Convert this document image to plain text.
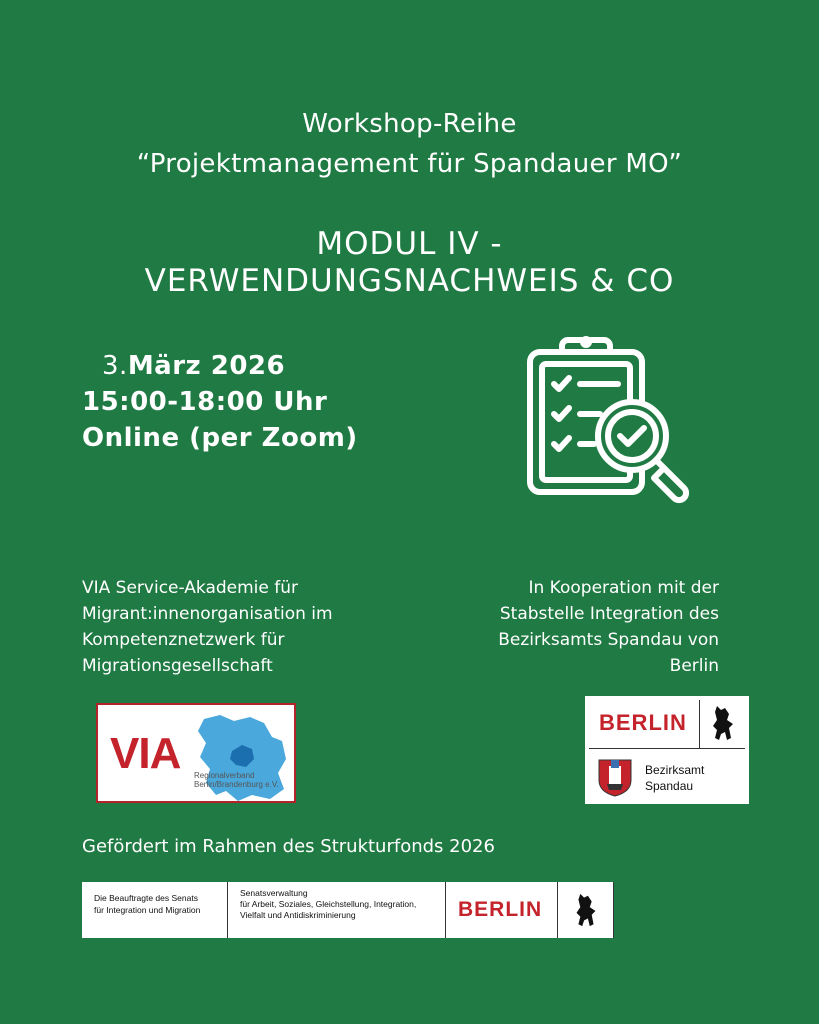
Workshop-Reihe
“Projektmanagement für Spandauer MO”
MODUL IV -
VERWENDUNGSNACHWEIS & CO
3.März 2026
15:00-18:00 Uhr
Online (per Zoom)
VIA Service-Akademie für
Migrant:innenorganisation im
Kompetenznetzwerk für
Migrationsgesellschaft
In Kooperation mit der
Stabstelle Integration des
Bezirksamts Spandau von
Berlin
VIA Regionalverband
Berlin/Brandenburg e.V.
BERLIN
Bezirksamt
Spandau
Gefördert im Rahmen des Strukturfonds 2026
Die Beauftragte des Senats
für Integration und Migration
Senatsverwaltung
für Arbeit, Soziales, Gleichstellung, Integration,
Vielfalt und Antidiskriminierung	BERLIN
